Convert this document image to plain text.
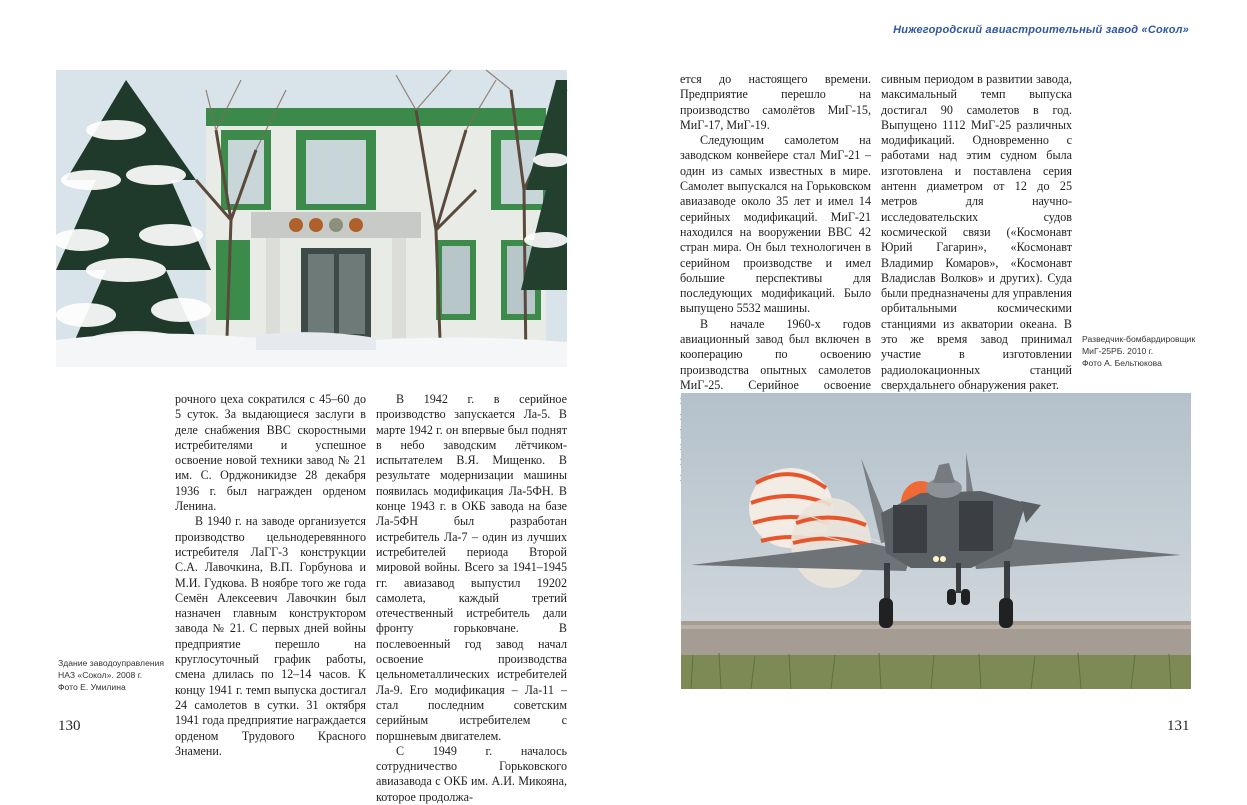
Нижегородский авиастроительный завод «Сокол»

рочного цеха сократился с 45–60 до 5 суток. За выдающиеся заслуги в деле снабжения ВВС скоростными истребителями и успешное освоение новой техники завод № 21 им. С. Орджоникидзе 28 декабря 1936 г. был награжден орденом Ленина.

В 1940 г. на заводе организуется производство цельнодеревянного истребителя ЛаГГ-3 конструкции С.А. Лавочкина, В.П. Горбунова и М.И. Гудкова. В ноябре того же года Семён Алексеевич Лавочкин был назначен главным конструктором завода № 21. С первых дней войны предприятие перешло на круглосуточный график работы, смена длилась по 12–14 часов. К концу 1941 г. темп выпуска достигал 24 самолетов в сутки. 31 октября 1941 года предприятие награждается орденом Трудового Красного Знамени.

В 1942 г. в серийное производство запускается Ла-5. В марте 1942 г. он впервые был поднят в небо заводским лётчиком-испытателем В.Я. Мищенко. В результате модернизации машины появилась модификация Ла-5ФН. В конце 1943 г. в ОКБ завода на базе Ла-5ФН был разработан истребитель Ла-7 – один из лучших истребителей периода Второй мировой войны. Всего за 1941–1945 гг. авиазавод выпустил 19202 самолета, каждый третий отечественный истребитель дали фронту горьковчане. В послевоенный год завод начал освоение производства цельнометаллических истребителей Ла-9. Его модификация – Ла-11 – стал последним советским серийным истребителем с поршневым двигателем.

С 1949 г. началось сотрудничество Горьковского авиазавода с ОКБ им. А.И. Микояна, которое продолжа-

Здание заводоуправления
НАЗ «Сокол». 2008 г.
Фото Е. Умилина
130

ется до настоящего времени. Предприятие перешло на производство самолётов МиГ-15, МиГ-17, МиГ-19.

Следующим самолетом на заводском конвейере стал МиГ-21 – один из самых известных в мире. Самолет выпускался на Горьковском авиазаводе около 35 лет и имел 14 серийных модификаций. МиГ-21 находился на вооружении ВВС 42 стран мира. Он был технологичен в серийном производстве и имел большие перспективы для последующих модификаций. Было выпущено 5532 машины.

В начале 1960-х годов авиационный завод был включен в кооперацию по освоению производства опытных самолетов МиГ-25. Серийное освоение

сивным периодом в развитии завода, максимальный темп выпуска достигал 90 самолетов в год. Выпущено 1112 МиГ-25 различных модификаций. Одновременно с работами над этим судном была изготовлена и поставлена серия антенн диаметром от 12 до 25 метров для научно-исследовательских судов космической связи («Космонавт Юрий Гагарин», «Космонавт Владимир Комаров», «Космонавт Владислав Волков» и других). Суда были предназначены для управления орбитальными космическими станциями из акватории океана. В это же время завод принимал участие в изготовлении радиолокационных станций сверхдальнего обнаружения ракет.

Разведчик-бомбардировщик
МиГ-25РБ. 2010 г.
Фото А. Бельтюкова
131
